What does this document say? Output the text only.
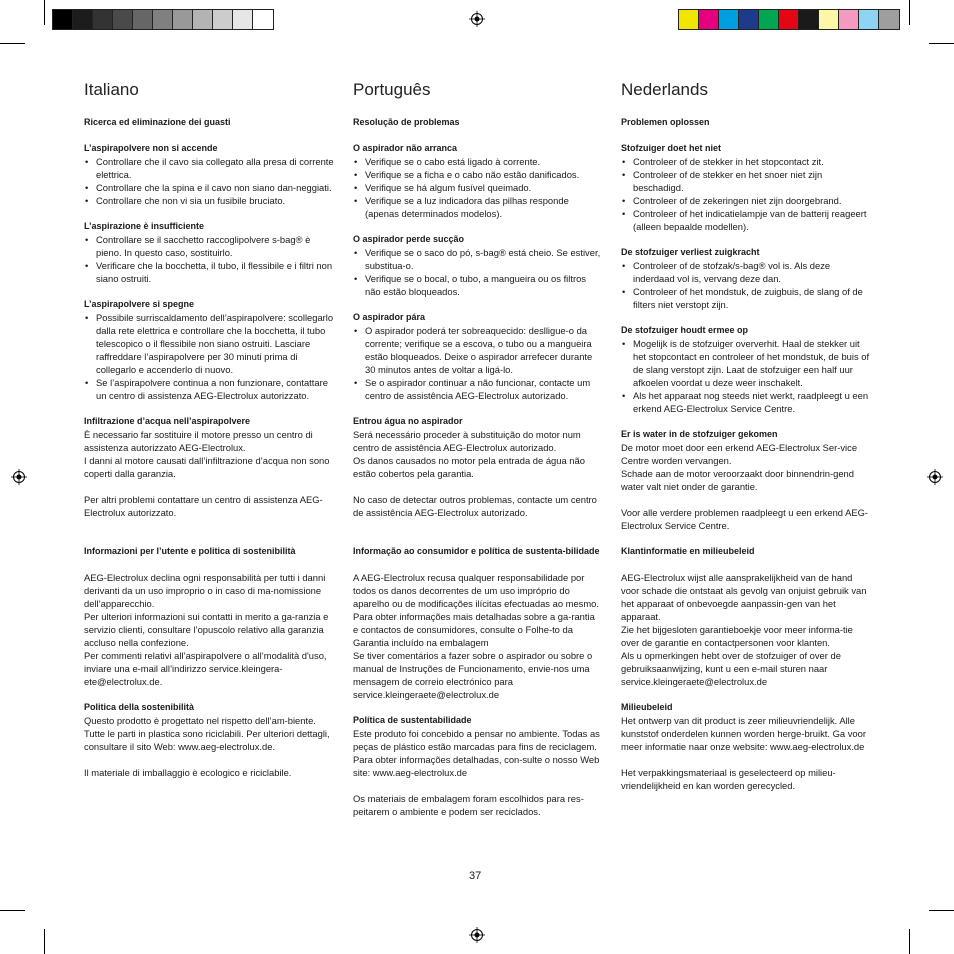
Italiano

Ricerca ed eliminazione dei guasti

L’aspirapolvere non si accende

• Controllare che il cavo sia collegato alla presa di corrente elettrica.
• Controllare che la spina e il cavo non siano dan-neggiati.
• Controllare che non vi sia un fusibile bruciato.

L’aspirazione è insufficiente

• Controllare se il sacchetto raccoglipolvere s-bag® è pieno. In questo caso, sostituirlo.
• Verificare che la bocchetta, il tubo, il flessibile e i filtri non siano ostruiti.

L’aspirapolvere si spegne

• Possibile surriscaldamento dell’aspirapolvere: scollegarlo dalla rete elettrica e controllare che la bocchetta, il tubo telescopico o il flessibile non siano ostruiti. Lasciare raffreddare l’aspirapolvere per 30 minuti prima di collegarlo e accenderlo di nuovo.
• Se l’aspirapolvere continua a non funzionare, contattare un centro di assistenza AEG-Electrolux autorizzato.

Infiltrazione d’acqua nell’aspirapolvere

È necessario far sostituire il motore presso un centro di assistenza autorizzato AEG-Electrolux.

I danni al motore causati dall’infiltrazione d’acqua non sono coperti dalla garanzia.

Per altri problemi contattare un centro di assistenza AEG-Electrolux autorizzato.

Informazioni per l’utente e politica di sostenibilità

AEG-Electrolux declina ogni responsabilità per tutti i danni derivanti da un uso improprio o in caso di ma-nomissione dell’apparecchio.

Per ulteriori informazioni sui contatti in merito a ga-ranzia e servizio clienti, consultare l’opuscolo relativo alla garanzia accluso nella confezione.

Per commenti relativi all’aspirapolvere o all’modalità d'uso, inviare una e-mail all’indirizzo service.kleingera-ete@electrolux.de.

Politica della sostenibilità

Questo prodotto è progettato nel rispetto dell’am-biente. Tutte le parti in plastica sono riciclabili. Per ulteriori dettagli, consultare il sito Web: www.aeg-electrolux.de.

Il materiale di imballaggio è ecologico e riciclabile.

Português

Resolução de problemas

O aspirador não arranca

• Verifique se o cabo está ligado à corrente.
• Verifique se a ficha e o cabo não estão danificados.
• Verifique se há algum fusível queimado.
• Verifique se a luz indicadora das pilhas responde (apenas determinados modelos).

O aspirador perde sucção

• Verifique se o saco do pó, s-bag® está cheio. Se estiver, substitua-o.
• Verifique se o bocal, o tubo, a mangueira ou os filtros não estão bloqueados.

O aspirador pára

• O aspirador poderá ter sobreaquecido: deslligue-o da corrente; verifique se a escova, o tubo ou a mangueira estão bloqueados. Deixe o aspirador arrefecer durante 30 minutos antes de voltar a ligá-lo.
• Se o aspirador continuar a não funcionar, contacte um centro de assistência AEG-Electrolux autorizado.

Entrou água no aspirador

Será necessário proceder à substituição do motor num centro de assistência AEG-Electrolux autorizado.

Os danos causados no motor pela entrada de água não estão cobertos pela garantia.

No caso de detectar outros problemas, contacte um centro de assistência AEG-Electrolux autorizado.

Informação ao consumidor e política de sustenta-bilidade

A AEG-Electrolux recusa qualquer responsabilidade por todos os danos decorrentes de um uso impróprio do aparelho ou de modificações ilícitas efectuadas ao mesmo.

Para obter informações mais detalhadas sobre a ga-rantia e contactos de consumidores, consulte o Folhe-to da Garantia incluído na embalagem

Se tiver comentários a fazer sobre o aspirador ou sobre o manual de Instruções de Funcionamento, envie-nos uma mensagem de correio electrónico para service.kleingeraete@electrolux.de

Política de sustentabilidade

Este produto foi concebido a pensar no ambiente. Todas as peças de plástico estão marcadas para fins de reciclagem. Para obter informações detalhadas, con-sulte o nosso Web site: www.aeg-electrolux.de

Os materiais de embalagem foram escolhidos para res-peitarem o ambiente e podem ser reciclados.

Nederlands

Problemen oplossen

Stofzuiger doet het niet

• Controleer of de stekker in het stopcontact zit.
• Controleer of de stekker en het snoer niet zijn beschadigd.
• Controleer of de zekeringen niet zijn doorgebrand.
• Controleer of het indicatielampje van de batterij reageert (alleen bepaalde modellen).

De stofzuiger verliest zuigkracht

• Controleer of de stofzak/s-bag® vol is. Als deze inderdaad vol is, vervang deze dan.
• Controleer of het mondstuk, de zuigbuis, de slang of de filters niet verstopt zijn.

De stofzuiger houdt ermee op

• Mogelijk is de stofzuiger oververhit. Haal de stekker uit het stopcontact en controleer of het mondstuk, de buis of de slang verstopt zijn. Laat de stofzuiger een half uur afkoelen voordat u deze weer inschakelt.
• Als het apparaat nog steeds niet werkt, raadpleegt u een erkend AEG-Electrolux Service Centre.

Er is water in de stofzuiger gekomen

De motor moet door een erkend AEG-Electrolux Ser-vice Centre worden vervangen.

Schade aan de motor veroorzaakt door binnendrin-gend water valt niet onder de garantie.

Voor alle verdere problemen raadpleegt u een erkend AEG-Electrolux Service Centre.

Klantinformatie en milieubeleid

AEG-Electrolux wijst alle aansprakelijkheid van de hand voor schade die ontstaat als gevolg van onjuist gebruik van het apparaat of onbevoegde aanpassin-gen van het apparaat.

Zie het bijgesloten garantieboekje voor meer informa-tie over de garantie en contactpersonen voor klanten.

Als u opmerkingen hebt over de stofzuiger of over de gebruiksaanwijzing, kunt u een e-mail sturen naar service.kleingeraete@electrolux.de

Milieubeleid

Het ontwerp van dit product is zeer milieuvriendelijk. Alle kunststof onderdelen kunnen worden herge-bruikt. Ga voor meer informatie naar onze website: www.aeg-electrolux.de

Het verpakkingsmateriaal is geselecteerd op milieu-vriendelijkheid en kan worden gerecycled.

37
